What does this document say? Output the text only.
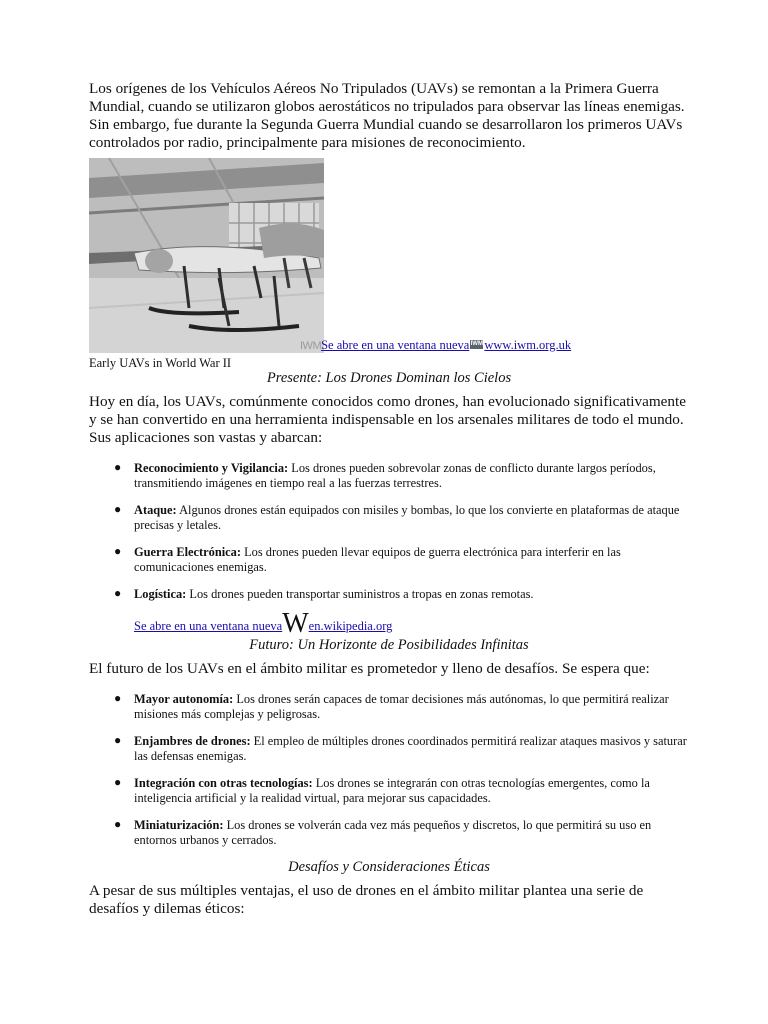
Los orígenes de los Vehículos Aéreos No Tripulados (UAVs) se remontan a la Primera Guerra Mundial, cuando se utilizaron globos aerostáticos no tripulados para observar las líneas enemigas. Sin embargo, fue durante la Segunda Guerra Mundial cuando se desarrollaron los primeros UAVs controlados por radio, principalmente para misiones de reconocimiento.

IWMSe abre en una ventana nuevaIWMwww.iwm.org.uk
Early UAVs in World War II
Presente: Los Drones Dominan los Cielos

Hoy en día, los UAVs, comúnmente conocidos como drones, han evolucionado significativamente y se han convertido en una herramienta indispensable en los arsenales militares de todo el mundo. Sus aplicaciones son vastas y abarcan:

● Reconocimiento y Vigilancia: Los drones pueden sobrevolar zonas de conflicto durante largos períodos, transmitiendo imágenes en tiempo real a las fuerzas terrestres.
● Ataque: Algunos drones están equipados con misiles y bombas, lo que los convierte en plataformas de ataque precisas y letales.
● Guerra Electrónica: Los drones pueden llevar equipos de guerra electrónica para interferir en las comunicaciones enemigas.
● Logística: Los drones pueden transportar suministros a tropas en zonas remotas.
Se abre en una ventana nuevaWen.wikipedia.org
Futuro: Un Horizonte de Posibilidades Infinitas

El futuro de los UAVs en el ámbito militar es prometedor y lleno de desafíos. Se espera que:

● Mayor autonomía: Los drones serán capaces de tomar decisiones más autónomas, lo que permitirá realizar misiones más complejas y peligrosas.
● Enjambres de drones: El empleo de múltiples drones coordinados permitirá realizar ataques masivos y saturar las defensas enemigas.
● Integración con otras tecnologías: Los drones se integrarán con otras tecnologías emergentes, como la inteligencia artificial y la realidad virtual, para mejorar sus capacidades.
● Miniaturización: Los drones se volverán cada vez más pequeños y discretos, lo que permitirá su uso en entornos urbanos y cerrados.
Desafíos y Consideraciones Éticas

A pesar de sus múltiples ventajas, el uso de drones en el ámbito militar plantea una serie de desafíos y dilemas éticos:
